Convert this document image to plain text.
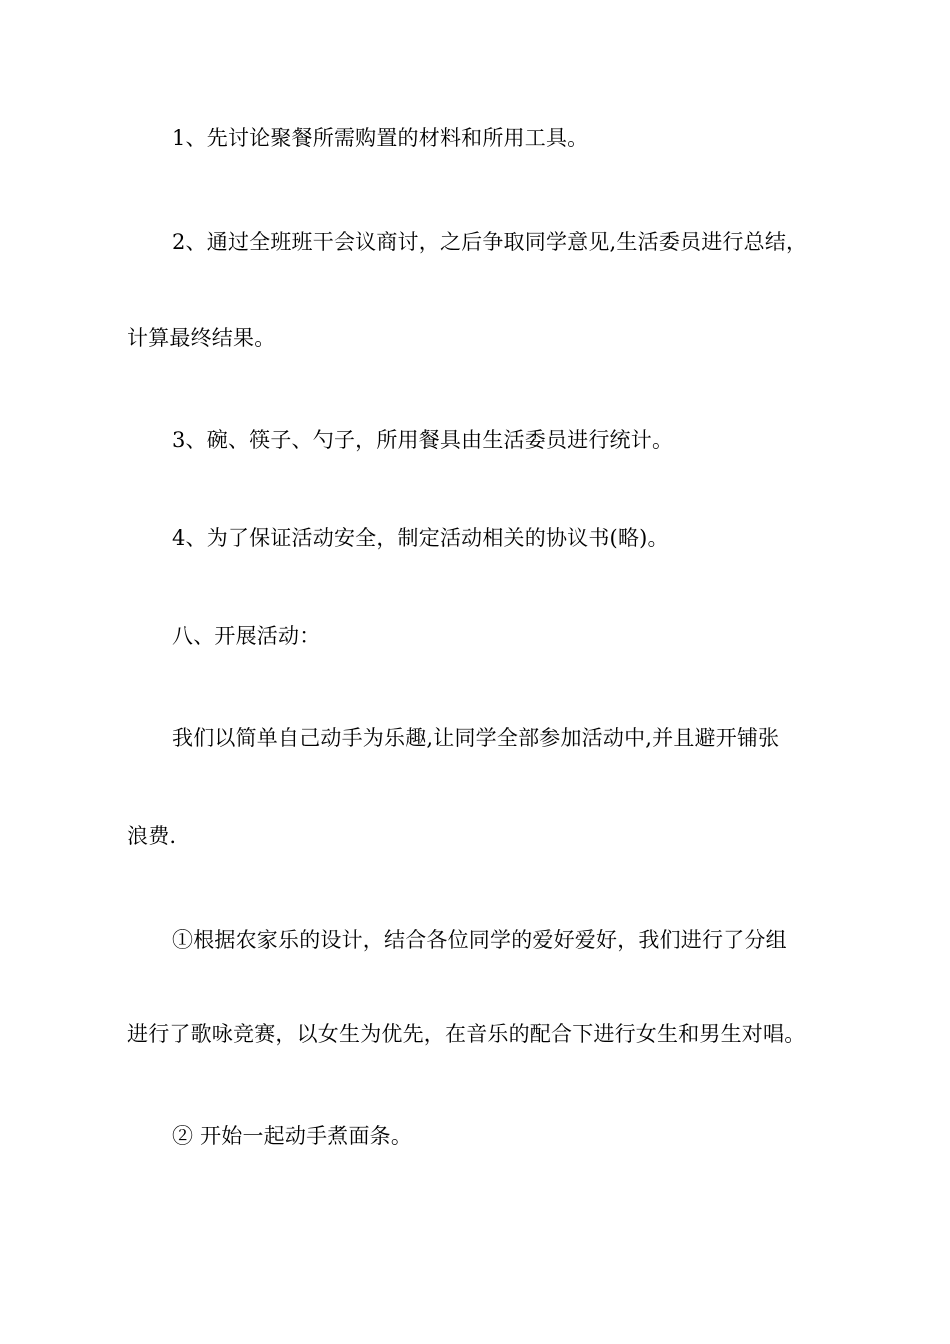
1、先讨论聚餐所需购置的材料和所用工具。
2、通过全班班干会议商讨，之后争取同学意见,生活委员进行总结，
计算最终结果。
3、碗、筷子、勺子，所用餐具由生活委员进行统计。
4、为了保证活动安全，制定活动相关的协议书(略)。
八、开展活动：
我们以简单自己动手为乐趣,让同学全部参加活动中,并且避开铺张
浪费.
①根据农家乐的设计，结合各位同学的爱好爱好，我们进行了分组
进行了歌咏竞赛，以女生为优先，在音乐的配合下进行女生和男生对唱。
② 开始一起动手煮面条。
